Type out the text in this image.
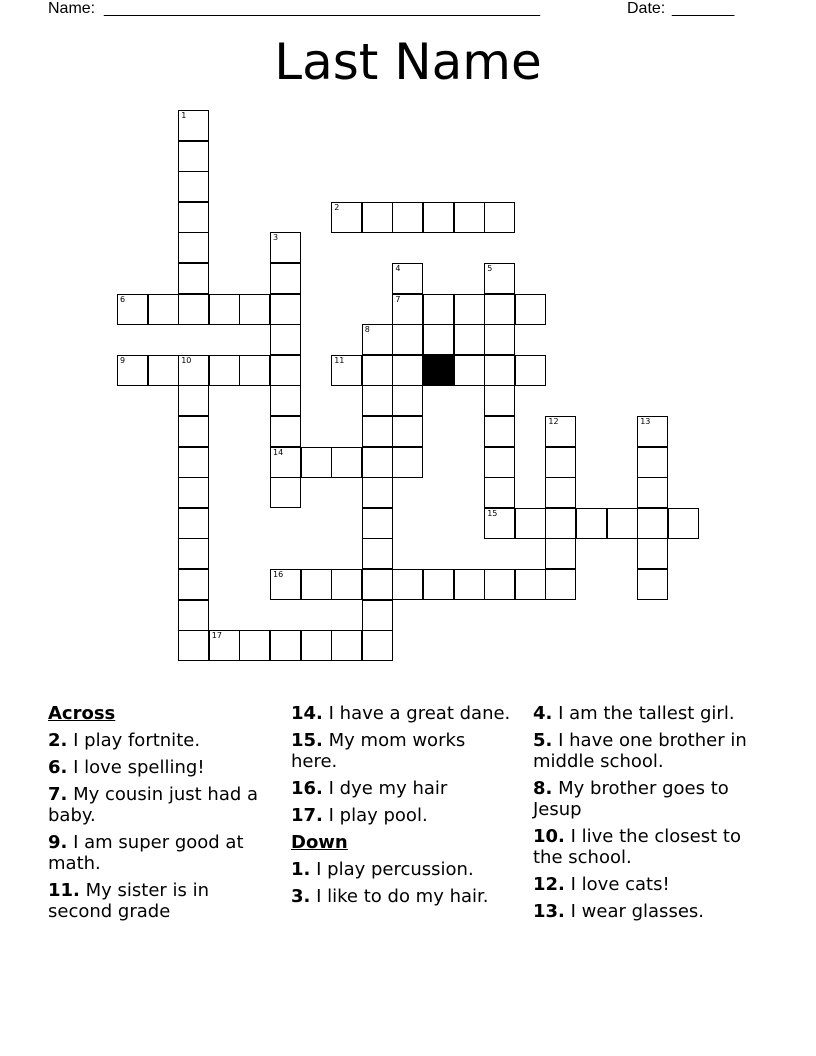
Name: _________________________________________________	Date: _______
Last Name
1
2
3
14
4
7
5
15
6
8
9	10	11
12	13
16
17
Across
2. I play fortnite.
6. I love spelling!
7. My cousin just had a baby.
9. I am super good at math.
11. My sister is in second grade
14. I have a great dane.
15. My mom works here.
16. I dye my hair
17. I play pool.
Down
1. I play percussion.
3. I like to do my hair.
4. I am the tallest girl.
5. I have one brother in middle school.
8. My brother goes to Jesup
10. I live the closest to the school.
12. I love cats!
13. I wear glasses.
